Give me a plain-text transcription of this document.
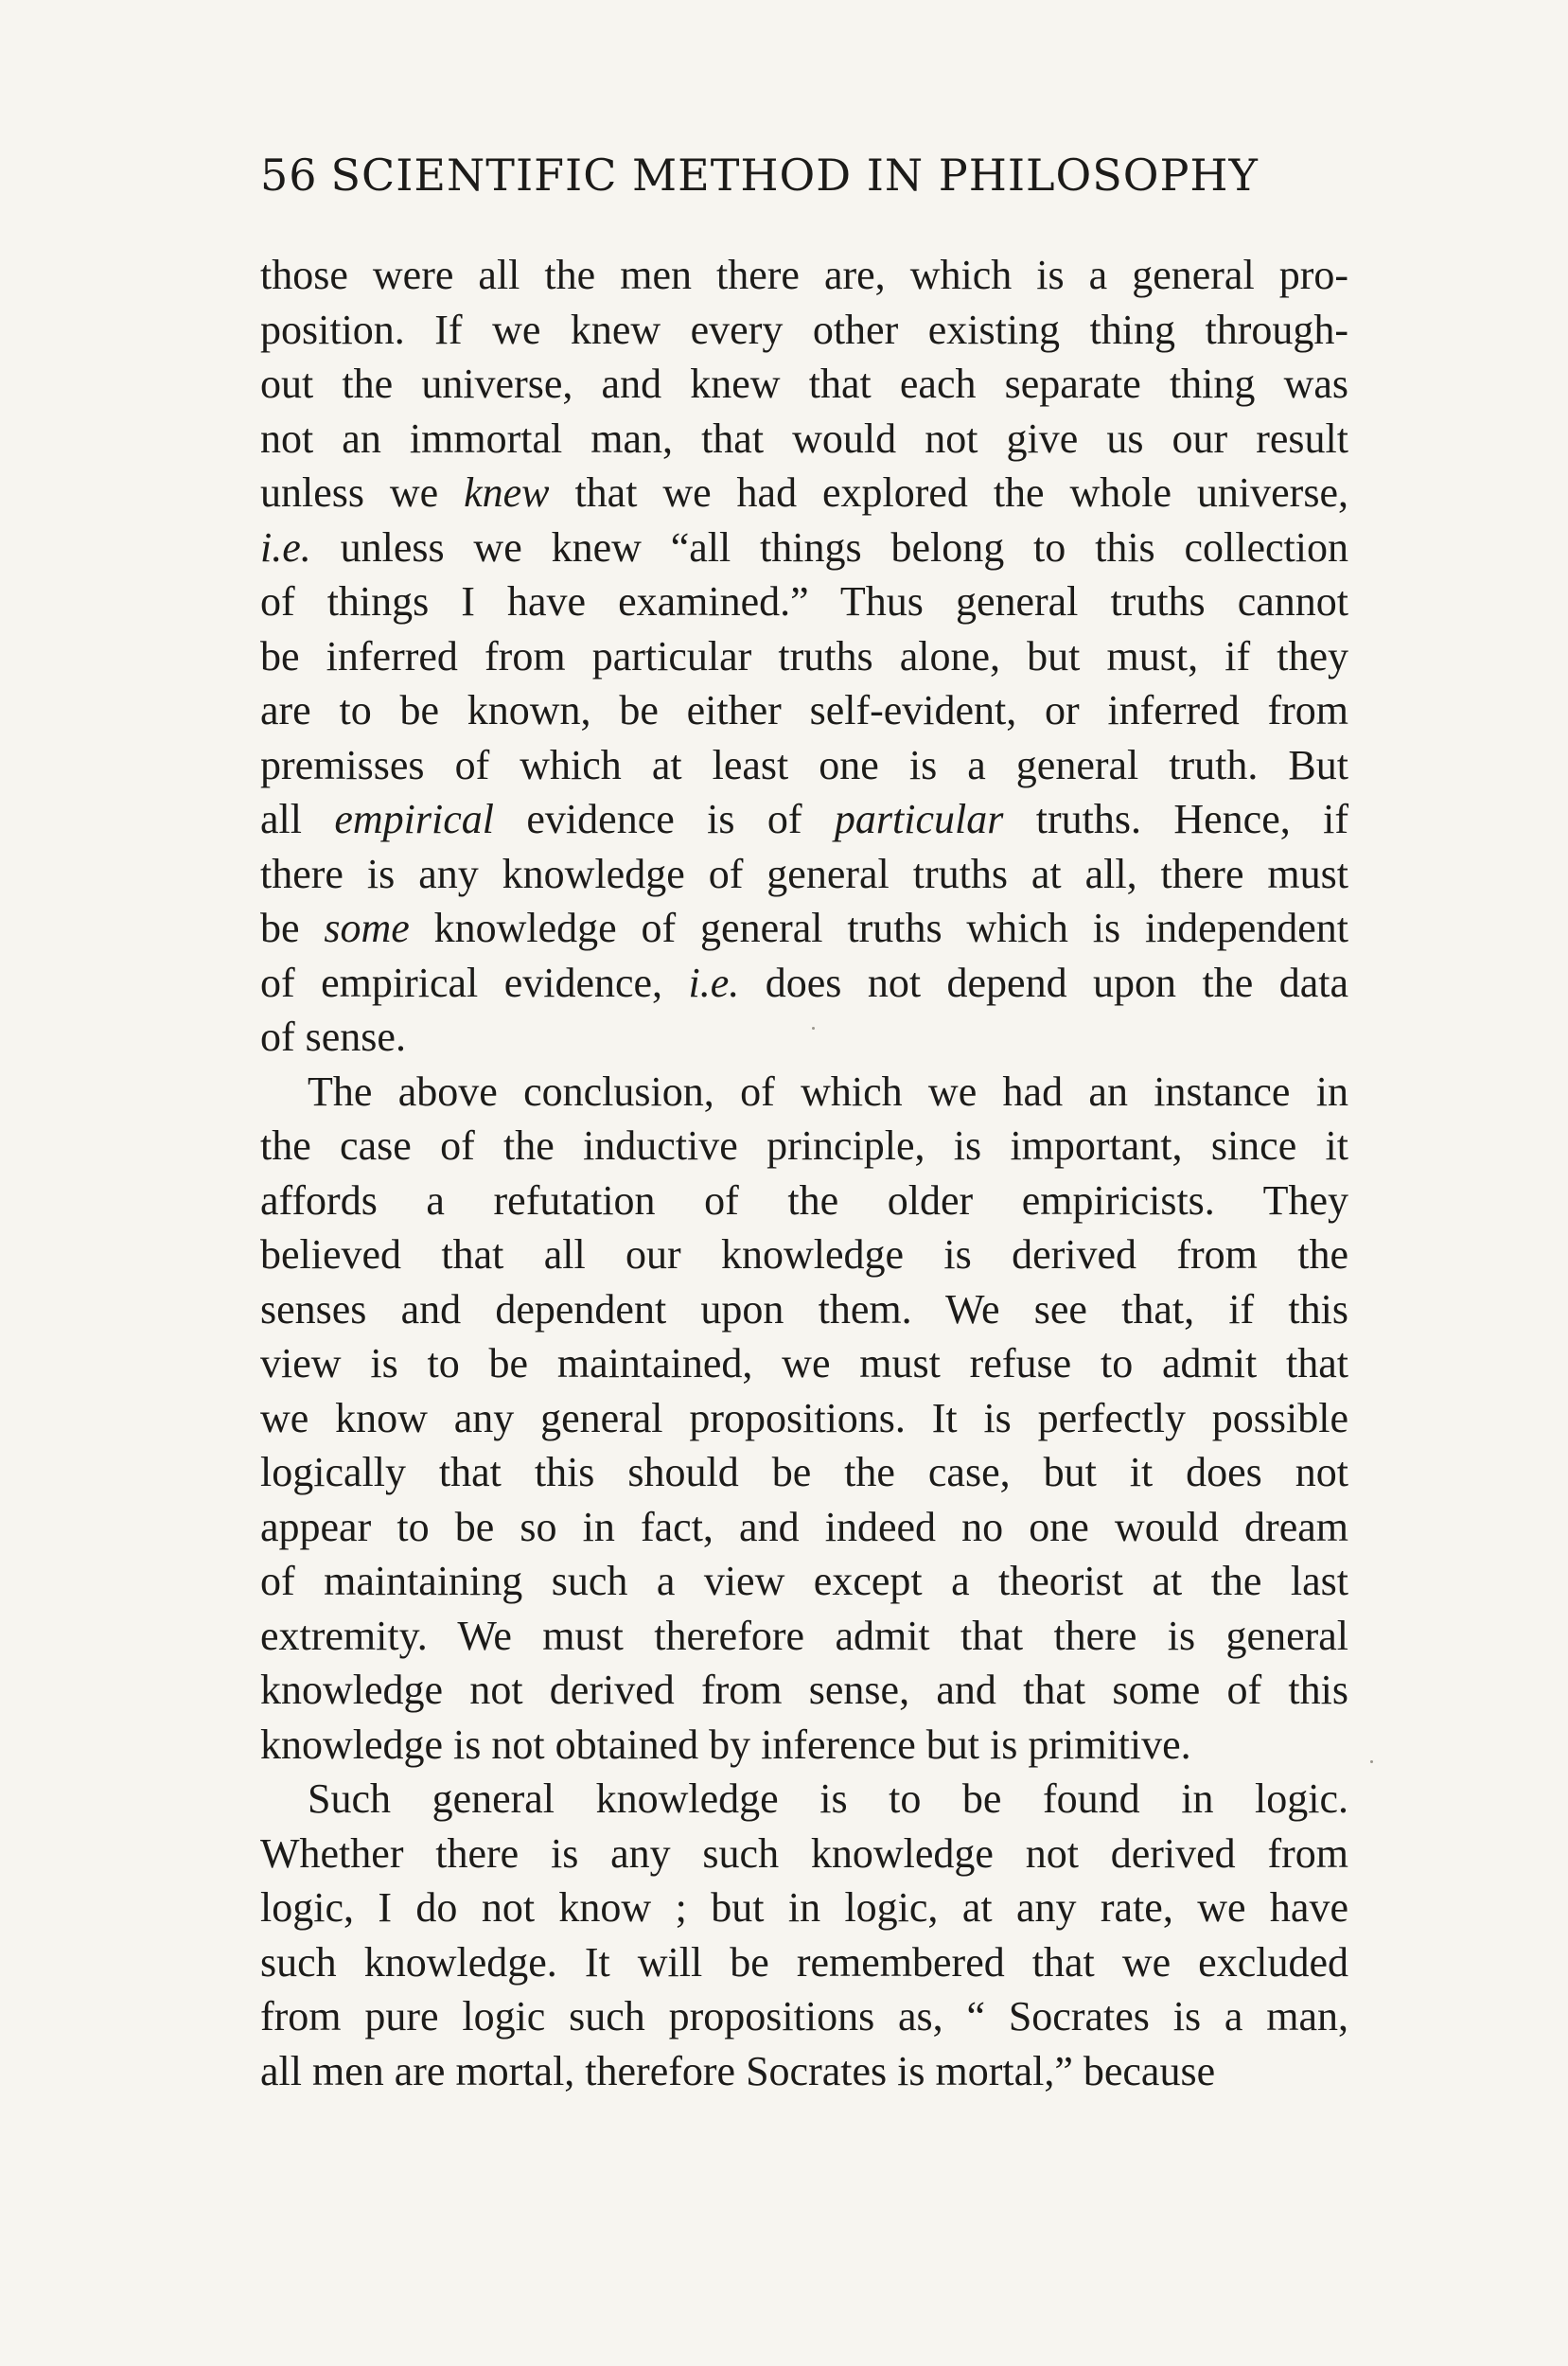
56 SCIENTIFIC METHOD IN PHILOSOPHY
those were all the men there are, which is a general pro-
position. If we knew every other existing thing through-
out the universe, and knew that each separate thing was
not an immortal man, that would not give us our result
unless we knew that we had explored the whole universe,
i.e. unless we knew “all things belong to this collection
of things I have examined.” Thus general truths cannot
be inferred from particular truths alone, but must, if they
are to be known, be either self-evident, or inferred from
premisses of which at least one is a general truth. But
all empirical evidence is of particular truths. Hence, if
there is any knowledge of general truths at all, there must
be some knowledge of general truths which is independent
of empirical evidence, i.e. does not depend upon the data
of sense.
The above conclusion, of which we had an instance in
the case of the inductive principle, is important, since it
affords a refutation of the older empiricists. They
believed that all our knowledge is derived from the
senses and dependent upon them. We see that, if this
view is to be maintained, we must refuse to admit that
we know any general propositions. It is perfectly possible
logically that this should be the case, but it does not
appear to be so in fact, and indeed no one would dream
of maintaining such a view except a theorist at the last
extremity. We must therefore admit that there is general
knowledge not derived from sense, and that some of this
knowledge is not obtained by inference but is primitive.
Such general knowledge is to be found in logic.
Whether there is any such knowledge not derived from
logic, I do not know ; but in logic, at any rate, we have
such knowledge. It will be remembered that we excluded
from pure logic such propositions as, “ Socrates is a man,
all men are mortal, therefore Socrates is mortal,” because
